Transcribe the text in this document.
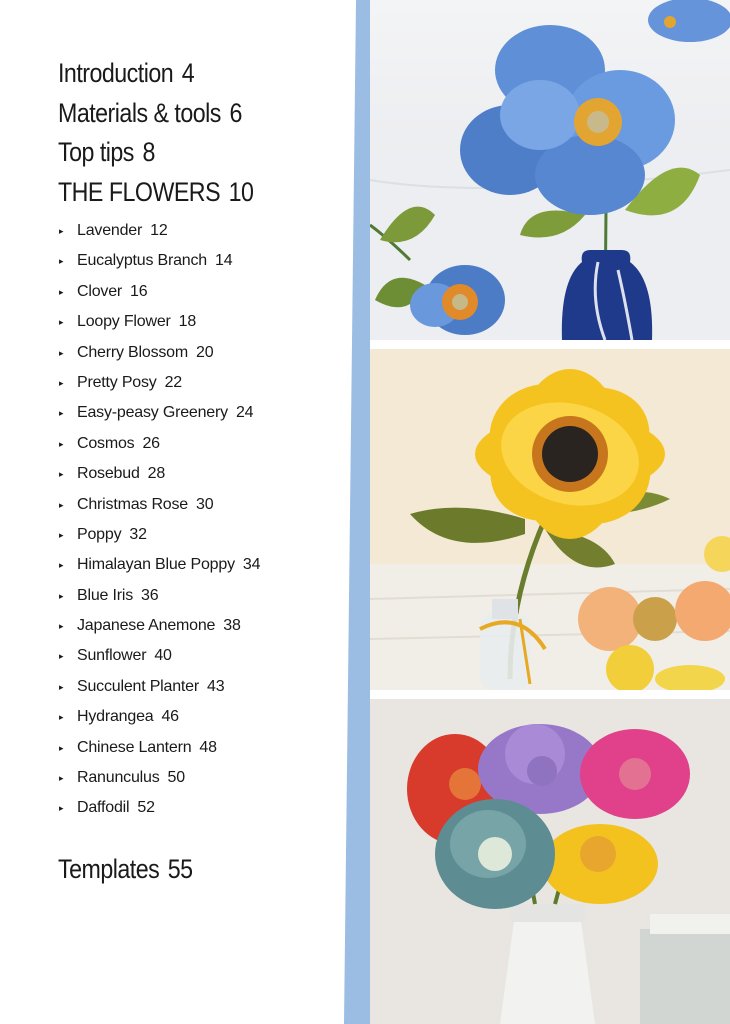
Introduction 4
Materials & tools 6
Top tips 8
THE FLOWERS 10
▸ Lavender 12
▸ Eucalyptus Branch 14
▸ Clover 16
▸ Loopy Flower 18
▸ Cherry Blossom 20
▸ Pretty Posy 22
▸ Easy-peasy Greenery 24
▸ Cosmos 26
▸ Rosebud 28
▸ Christmas Rose 30
▸ Poppy 32
▸ Himalayan Blue Poppy 34
▸ Blue Iris 36
▸ Japanese Anemone 38
▸ Sunflower 40
▸ Succulent Planter 43
▸ Hydrangea 46
▸ Chinese Lantern 48
▸ Ranunculus 50
▸ Daffodil 52
Templates 55
